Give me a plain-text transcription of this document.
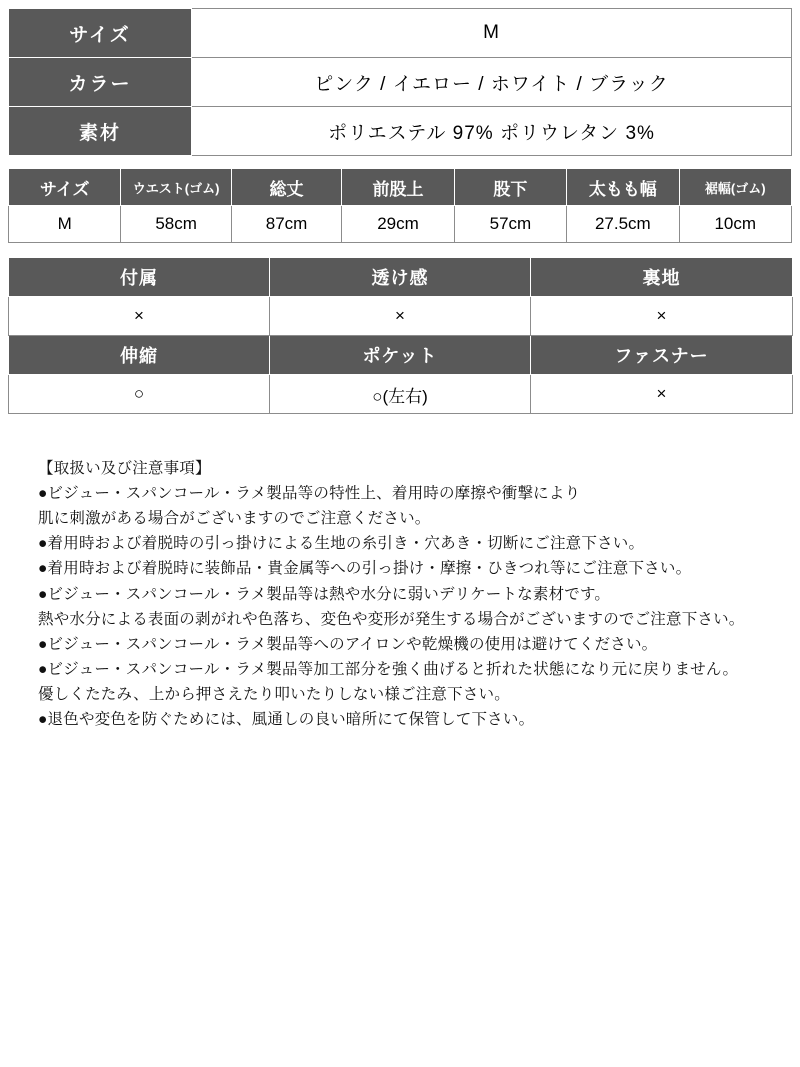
サイズ	M
カラー	ピンク / イエロー / ホワイト / ブラック
素材	ポリエステル 97% ポリウレタン 3%
サイズ	ウエスト(ゴム)	総丈	前股上	股下	太もも幅	裾幅(ゴム)
M	58cm	87cm	29cm	57cm	27.5cm	10cm
付属	透け感	裏地
×	×	×
伸縮	ポケット	ファスナー
○	○(左右)	×
【取扱い及び注意事項】
●ビジュー・スパンコール・ラメ製品等の特性上、着用時の摩擦や衝撃により
肌に刺激がある場合がございますのでご注意ください。
●着用時および着脱時の引っ掛けによる生地の糸引き・穴あき・切断にご注意下さい。
●着用時および着脱時に装飾品・貴金属等への引っ掛け・摩擦・ひきつれ等にご注意下さい。
●ビジュー・スパンコール・ラメ製品等は熱や水分に弱いデリケートな素材です。
熱や水分による表面の剥がれや色落ち、変色や変形が発生する場合がございますのでご注意下さい。
●ビジュー・スパンコール・ラメ製品等へのアイロンや乾燥機の使用は避けてください。
●ビジュー・スパンコール・ラメ製品等加工部分を強く曲げると折れた状態になり元に戻りません。
優しくたたみ、上から押さえたり叩いたりしない様ご注意下さい。
●退色や変色を防ぐためには、風通しの良い暗所にて保管して下さい。
